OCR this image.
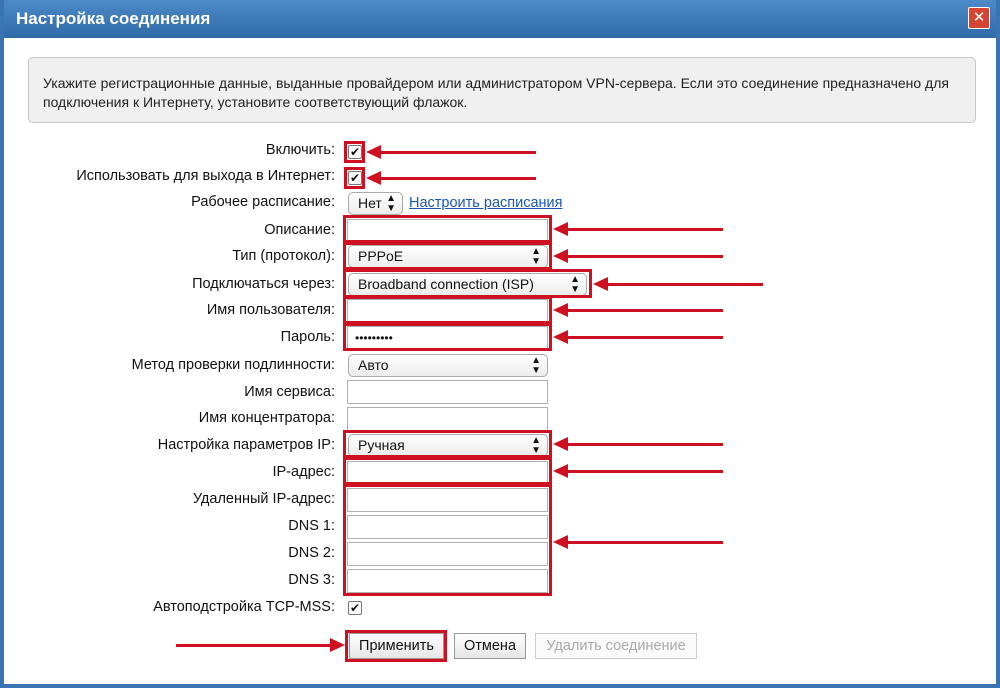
Настройка соединения	✕
Укажите регистрационные данные, выданные провайдером или администратором VPN-сервера. Если это соединение предназначено для подключения к Интернету, установите соответствующий флажок.
Включить: ✔
Использовать для выхода в Интернет: ✔
Рабочее расписание:	Нет ▲
▼ Настроить расписания
Описание:
Тип (протокол):	PPPoE	▲
▼
Подключаться через:	Broadband connection (ISP)	▲
▼
Имя пользователя:
Пароль:	•••••••••
Метод проверки подлинности:	Авто	▲
▼
Имя сервиса:
Имя концентратора:
Настройка параметров IP:	Ручная	▲
▼
IP-адрес:
Удаленный IP-адрес:
DNS 1:
DNS 2:
DNS 3:
Автоподстройка TCP-MSS: ✔
Применить	Отмена	Удалить соединение
